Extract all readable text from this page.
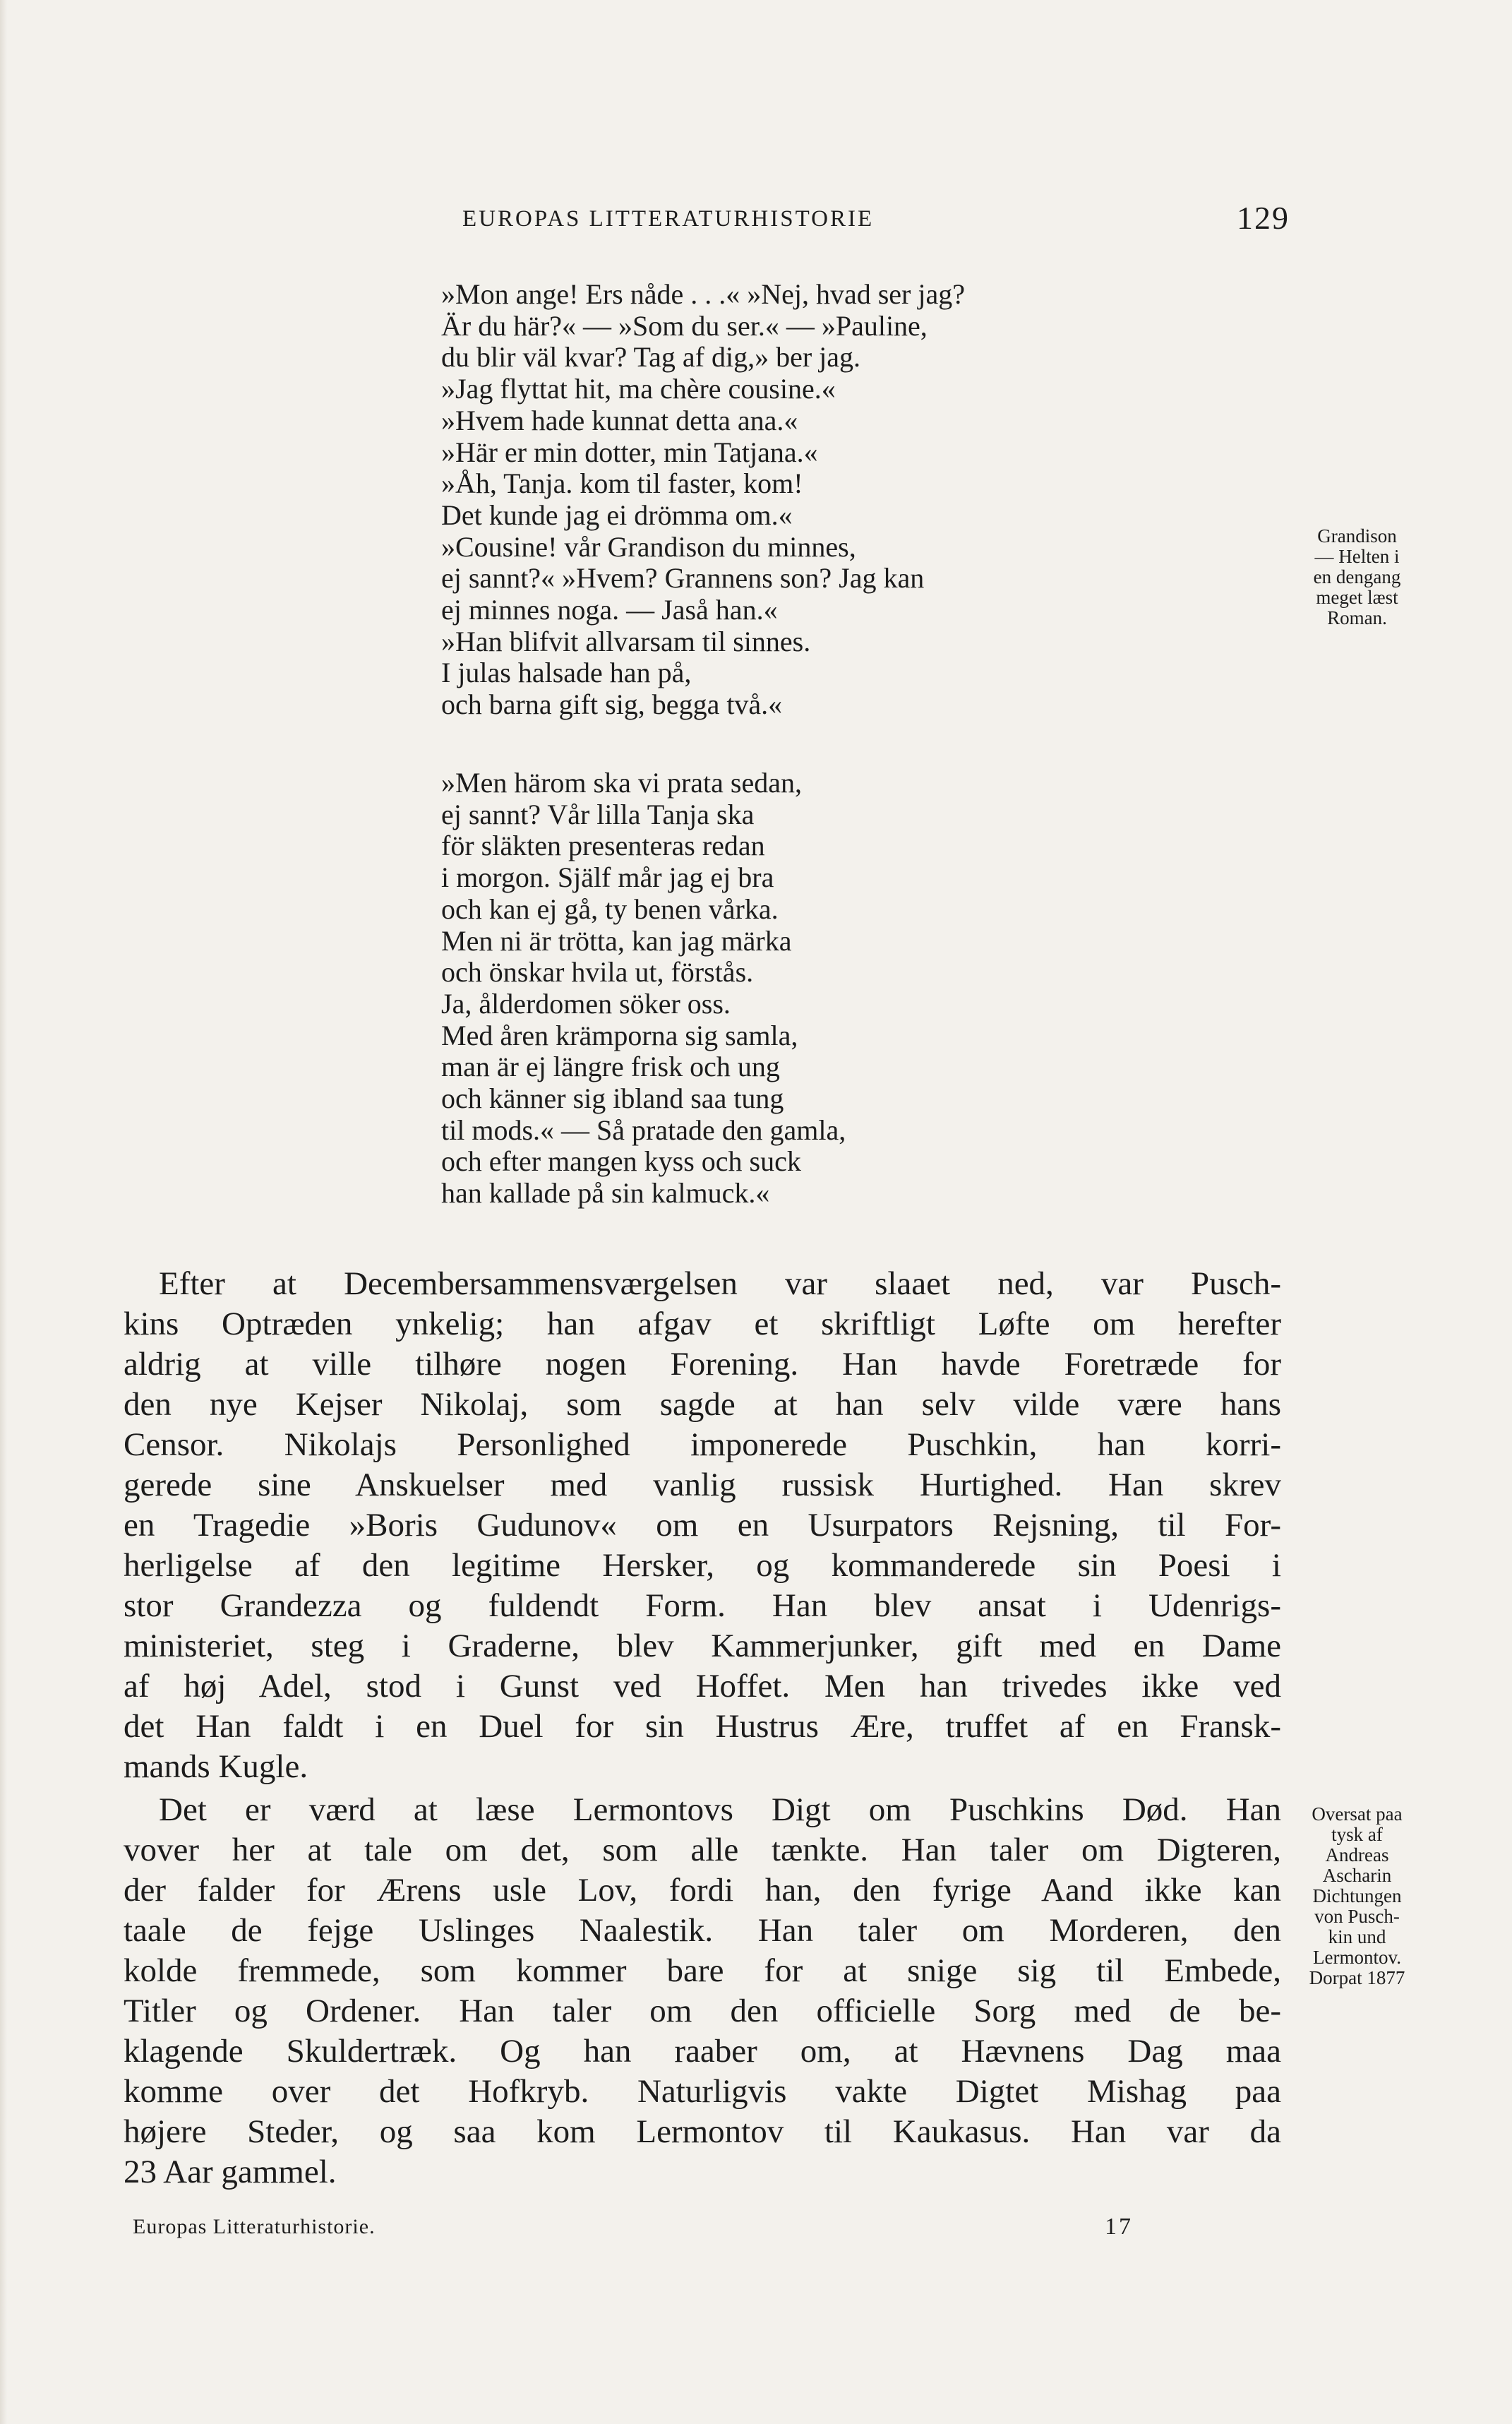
EUROPAS LITTERATURHISTORIE	129
»Mon ange! Ers nåde . . .« »Nej, hvad ser jag?
Är du här?« — »Som du ser.« — »Pauline,
du blir väl kvar? Tag af dig,» ber jag.
»Jag flyttat hit, ma chère cousine.«
»Hvem hade kunnat detta ana.«
»Här er min dotter, min Tatjana.«
»Åh, Tanja. kom til faster, kom!
Det kunde jag ei drömma om.«
»Cousine! vår Grandison du minnes,
ej sannt?« »Hvem? Grannens son? Jag kan
ej minnes noga. — Jaså han.«
»Han blifvit allvarsam til sinnes.
I julas halsade han på,
och barna gift sig, begga två.«
Grandison
— Helten i
en dengang
meget læst
Roman.
»Men härom ska vi prata sedan,
ej sannt? Vår lilla Tanja ska
för släkten presenteras redan
i morgon. Själf mår jag ej bra
och kan ej gå, ty benen vårka.
Men ni är trötta, kan jag märka
och önskar hvila ut, förstås.
Ja, ålderdomen söker oss.
Med åren krämporna sig samla,
man är ej längre frisk och ung
och känner sig ibland saa tung
til mods.« — Så pratade den gamla,
och efter mangen kyss och suck
han kallade på sin kalmuck.«
Efter at Decembersammensværgelsen var slaaet ned, var Pusch-
kins Optræden ynkelig; han afgav et skriftligt Løfte om herefter
aldrig at ville tilhøre nogen Forening. Han havde Foretræde for
den nye Kejser Nikolaj, som sagde at han selv vilde være hans
Censor. Nikolajs Personlighed imponerede Puschkin, han korri-
gerede sine Anskuelser med vanlig russisk Hurtighed. Han skrev
en Tragedie »Boris Gudunov« om en Usurpators Rejsning, til For-
herligelse af den legitime Hersker, og kommanderede sin Poesi i
stor Grandezza og fuldendt Form. Han blev ansat i Udenrigs-
ministeriet, steg i Graderne, blev Kammerjunker, gift med en Dame
af høj Adel, stod i Gunst ved Hoffet. Men han trivedes ikke ved
det Han faldt i en Duel for sin Hustrus Ære, truffet af en Fransk-
mands Kugle.
Det er værd at læse Lermontovs Digt om Puschkins Død. Han
vover her at tale om det, som alle tænkte. Han taler om Digteren,
der falder for Ærens usle Lov, fordi han, den fyrige Aand ikke kan
taale de fejge Uslinges Naalestik. Han taler om Morderen, den
kolde fremmede, som kommer bare for at snige sig til Embede,
Titler og Ordener. Han taler om den officielle Sorg med de be-
klagende Skuldertræk. Og han raaber om, at Hævnens Dag maa
komme over det Hofkryb. Naturligvis vakte Digtet Mishag paa
højere Steder, og saa kom Lermontov til Kaukasus. Han var da
23 Aar gammel.
Oversat paa
tysk af
Andreas
Ascharin
Dichtungen
von Pusch-
kin und
Lermontov.
Dorpat 1877
Europas Litteraturhistorie.	17
